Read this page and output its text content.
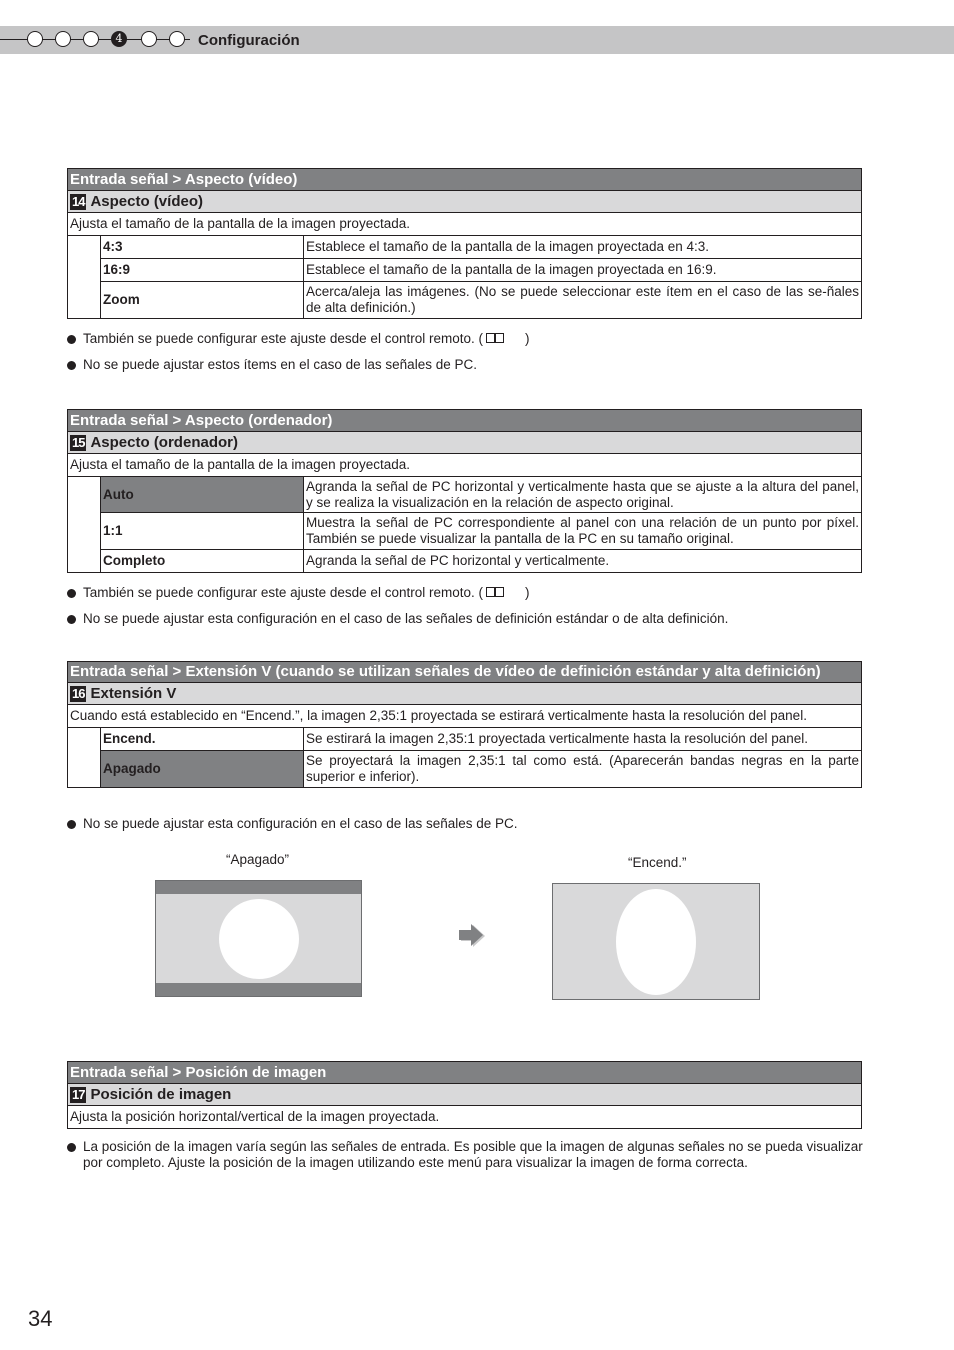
4	Configuración
Entrada señal > Aspecto (vídeo)		
14 Aspecto (vídeo)		
Ajusta el tamaño de la pantalla de la imagen proyectada.		
	4:3	Establece el tamaño de la pantalla de la imagen proyectada en 4:3.
	16:9	Establece el tamaño de la pantalla de la imagen proyectada en 16:9.
	Zoom	Acerca/aleja las imágenes. (No se puede seleccionar este ítem en el caso de las se-ñales de alta definición.)
También se puede configurar este ajuste desde el control remoto. (	)
No se puede ajustar estos ítems en el caso de las señales de PC.
Entrada señal > Aspecto (ordenador)		
15 Aspecto (ordenador)		
Ajusta el tamaño de la pantalla de la imagen proyectada.		
	Auto	Agranda la señal de PC horizontal y verticalmente hasta que se ajuste a la altura del panel, y se realiza la visualización en la relación de aspecto original.
	1:1	Muestra la señal de PC correspondiente al panel con una relación de un punto por píxel. También se puede visualizar la pantalla de la PC en su tamaño original.
	Completo	Agranda la señal de PC horizontal y verticalmente.
También se puede configurar este ajuste desde el control remoto. (	)
No se puede ajustar esta configuración en el caso de las señales de definición estándar o de alta definición.
Entrada señal > Extensión V (cuando se utilizan señales de vídeo de definición estándar y alta definición)		
16 Extensión V		
Cuando está establecido en “Encend.”, la imagen 2,35:1 proyectada se estirará verticalmente hasta la resolución del panel.		
	Encend.	Se estirará la imagen 2,35:1 proyectada verticalmente hasta la resolución del panel.
	Apagado	Se proyectará la imagen 2,35:1 tal como está. (Aparecerán bandas negras en la parte superior e inferior).
No se puede ajustar esta configuración en el caso de las señales de PC.
“Apagado”	“Encend.”
Entrada señal > Posición de imagen
17 Posición de imagen
Ajusta la posición horizontal/vertical de la imagen proyectada.
La posición de la imagen varía según las señales de entrada. Es posible que la imagen de algunas señales no se pueda visualizar por completo. Ajuste la posición de la imagen utilizando este menú para visualizar la imagen de forma correcta.
34
